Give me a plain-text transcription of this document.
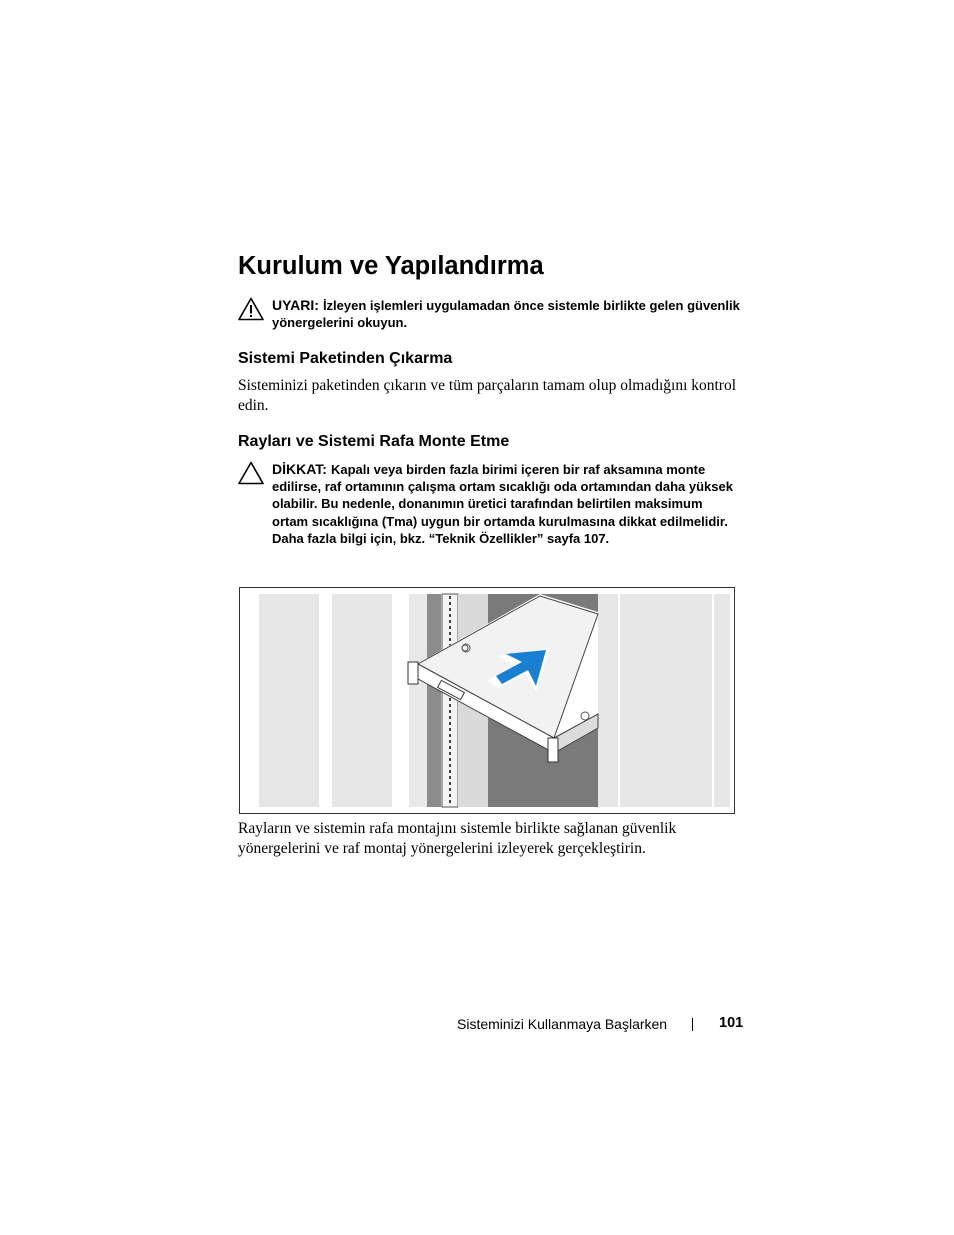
Kurulum ve Yapılandırma
UYARI: İzleyen işlemleri uygulamadan önce sistemle birlikte gelen güvenlik yönergelerini okuyun.
Sistemi Paketinden Çıkarma

Sisteminizi paketinden çıkarın ve tüm parçaların tamam olup olmadığını kontrol edin.

Rayları ve Sistemi Rafa Monte Etme
DİKKAT: Kapalı veya birden fazla birimi içeren bir raf aksamına monte edilirse, raf ortamının çalışma ortam sıcaklığı oda ortamından daha yüksek olabilir. Bu nedenle, donanımın üretici tarafından belirtilen maksimum ortam sıcaklığına (Tma) uygun bir ortamda kurulmasına dikkat edilmelidir. Daha fazla bilgi için, bkz. “Teknik Özellikler” sayfa 107.

Rayların ve sistemin rafa montajını sistemle birlikte sağlanan güvenlik yönergelerini ve raf montaj yönergelerini izleyerek gerçekleştirin.

Sisteminizi Kullanmaya Başlarken	101
